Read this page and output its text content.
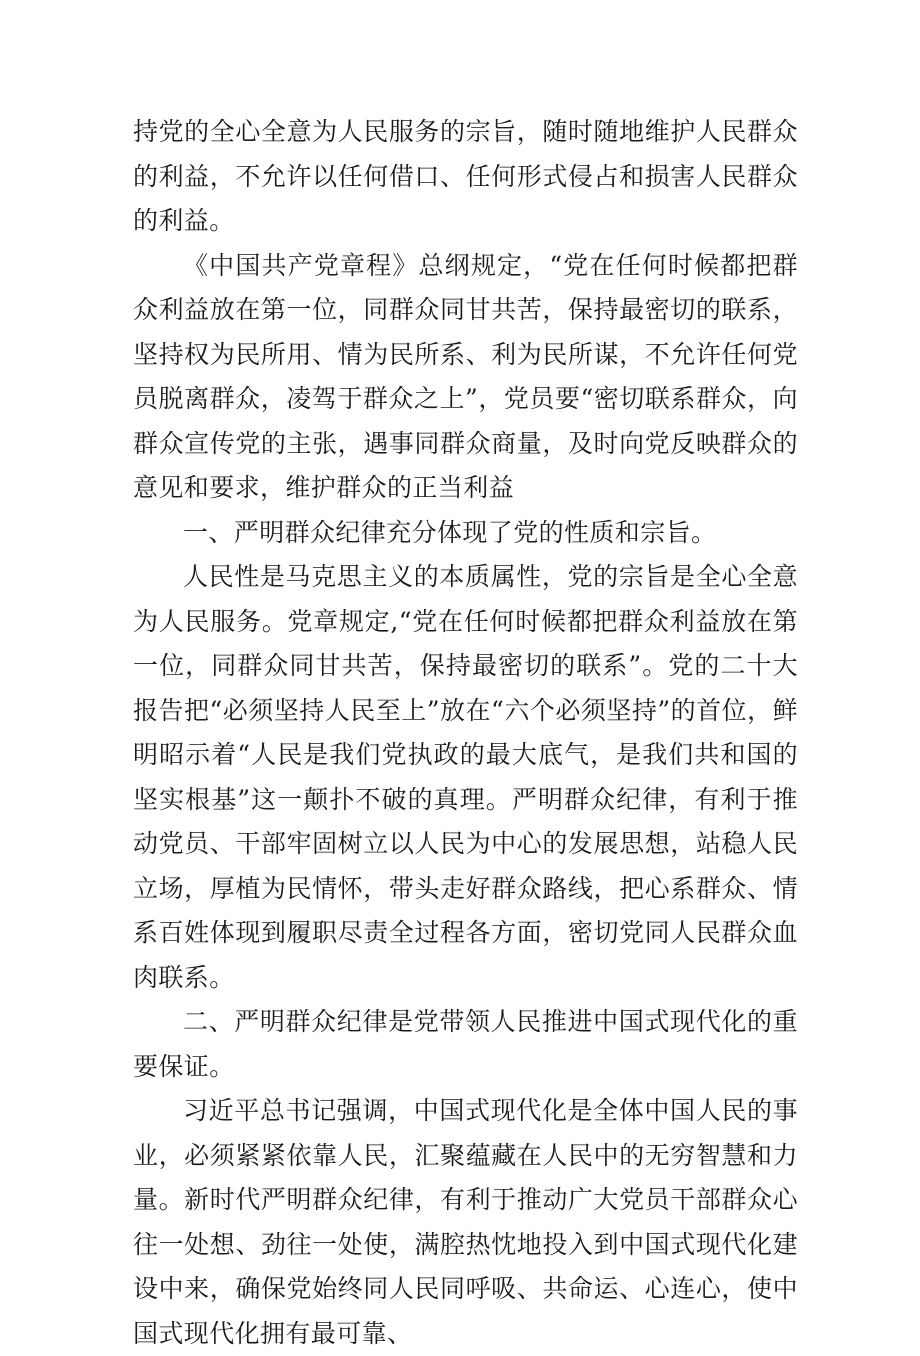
持党的全心全意为人民服务的宗旨，随时随地维护人民群众的利益，不允许以任何借口、任何形式侵占和损害人民群众的利益。

《中国共产党章程》总纲规定，“党在任何时候都把群众利益放在第一位，同群众同甘共苦，保持最密切的联系，坚持权为民所用、情为民所系、利为民所谋，不允许任何党员脱离群众，凌驾于群众之上”，党员要“密切联系群众，向群众宣传党的主张，遇事同群众商量，及时向党反映群众的意见和要求，维护群众的正当利益

一、严明群众纪律充分体现了党的性质和宗旨。

人民性是马克思主义的本质属性，党的宗旨是全心全意为人民服务。党章规定,“党在任何时候都把群众利益放在第一位，同群众同甘共苦，保持最密切的联系”。党的二十大报告把“必须坚持人民至上”放在“六个必须坚持”的首位，鲜明昭示着“人民是我们党执政的最大底气，是我们共和国的坚实根基”这一颠扑不破的真理。严明群众纪律，有利于推动党员、干部牢固树立以人民为中心的发展思想，站稳人民立场，厚植为民情怀，带头走好群众路线，把心系群众、情系百姓体现到履职尽责全过程各方面，密切党同人民群众血肉联系。

二、严明群众纪律是党带领人民推进中国式现代化的重要保证。

习近平总书记强调，中国式现代化是全体中国人民的事业，必须紧紧依靠人民，汇聚蕴藏在人民中的无穷智慧和力量。新时代严明群众纪律，有利于推动广大党员干部群众心往一处想、劲往一处使，满腔热忱地投入到中国式现代化建设中来，确保党始终同人民同呼吸、共命运、心连心，使中国式现代化拥有最可靠、
